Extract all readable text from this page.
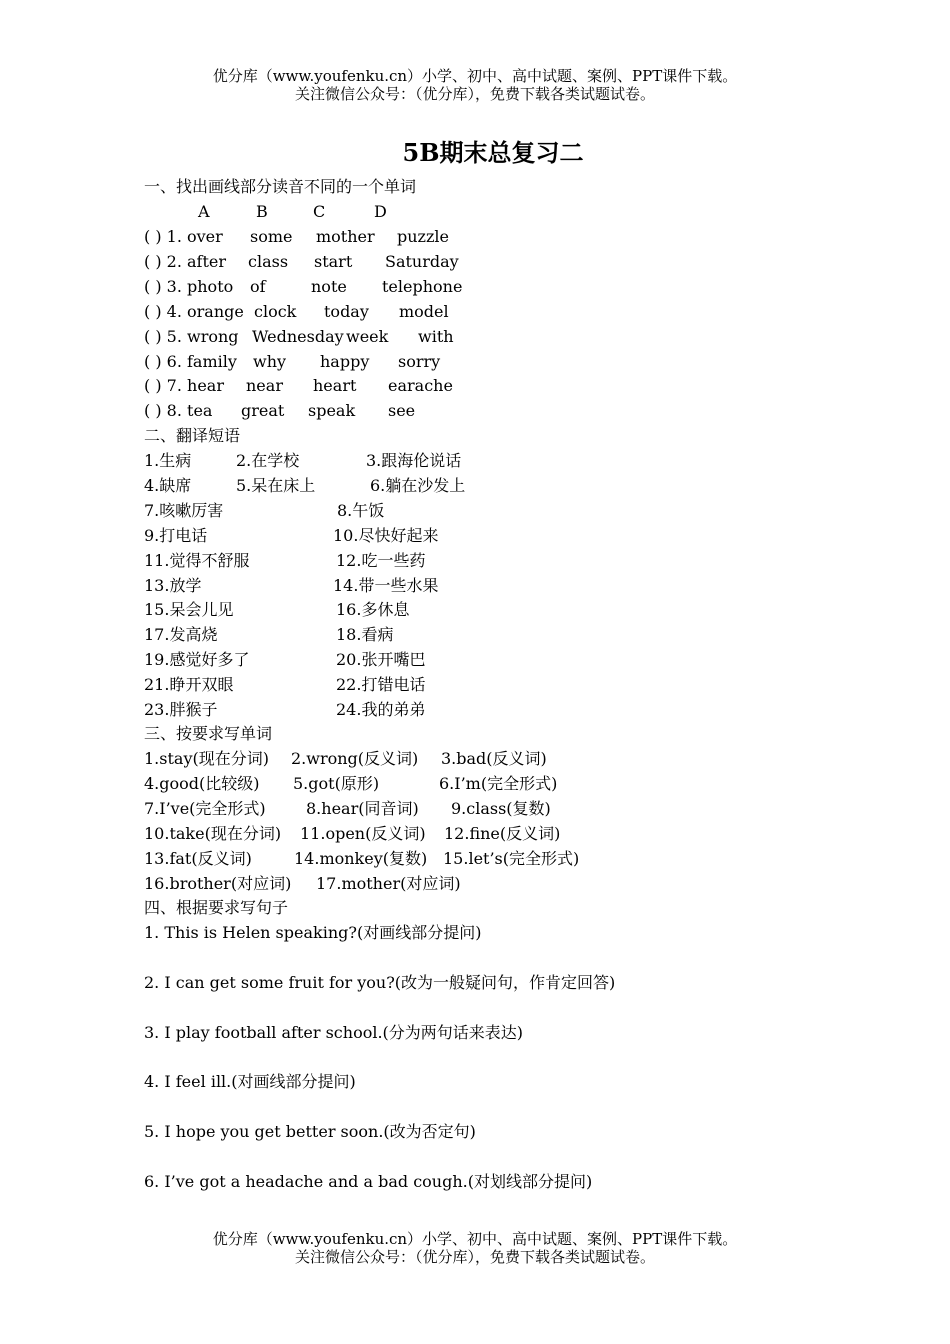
优分库（www.youfenku.cn）小学、初中、高中试题、案例、PPT课件下载。
关注微信公众号：（优分库），免费下载各类试题试卷。
5B期末总复习二
一、找出画线部分读音不同的一个单词
A	B	C	D
( ) 1. over some mother puzzle
( ) 2. after class start Saturday
( ) 3. photo of	note telephone
( ) 4. orange clock today model
( ) 5. wrong Wednesday week with
( ) 6. family why happy sorry
( ) 7. hear near heart earache
( ) 8. tea great speak see
二、翻译短语
1.生病	2.在学校	3.跟海伦说话
4.缺席	5.呆在床上	6.躺在沙发上
7.咳嗽厉害	8.午饭
9.打电话	10.尽快好起来
11.觉得不舒服	12.吃一些药
13.放学	14.带一些水果
15.呆会儿见	16.多休息
17.发高烧	18.看病
19.感觉好多了	20.张开嘴巴
21.睁开双眼	22.打错电话
23.胖猴子	24.我的弟弟
三、按要求写单词
1.stay(现在分词) 2.wrong(反义词) 3.bad(反义词)
4.good(比较级) 5.got(原形)	6.I’m(完全形式)
7.I’ve(完全形式)	8.hear(同音词) 9.class(复数)
10.take(现在分词) 11.open(反义词) 12.fine(反义词)
13.fat(反义词)	14.monkey(复数) 15.let’s(完全形式)
16.brother(对应词) 17.mother(对应词)
四、根据要求写句子
1. This is Helen speaking?(对画线部分提问)
2. I can get some fruit for you?(改为一般疑问句，作肯定回答)
3. I play football after school.(分为两句话来表达)
4. I feel ill.(对画线部分提问)
5. I hope you get better soon.(改为否定句)
6. I’ve got a headache and a bad cough.(对划线部分提问)
优分库（www.youfenku.cn）小学、初中、高中试题、案例、PPT课件下载。
关注微信公众号：（优分库），免费下载各类试题试卷。
